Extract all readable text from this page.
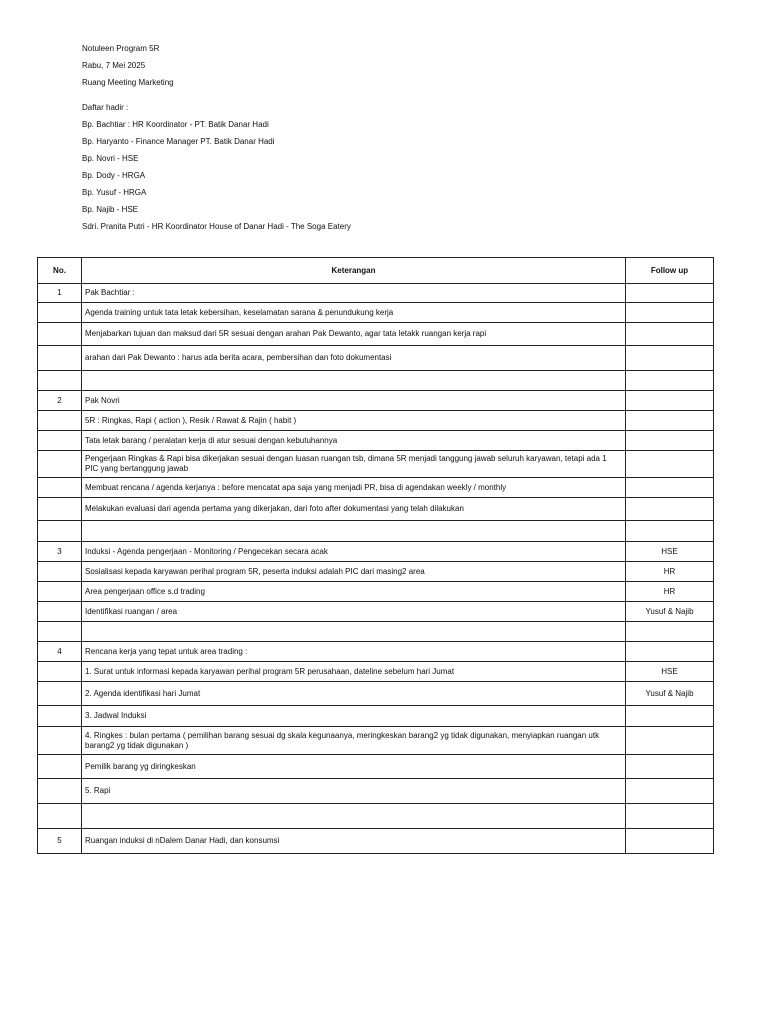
Notuleen Program 5R
Rabu, 7 Mei 2025
Ruang Meeting Marketing
Daftar hadir :
Bp. Bachtiar : HR Koordinator - PT. Batik Danar Hadi
Bp. Haryanto - Finance Manager PT. Batik Danar Hadi
Bp. Novri - HSE
Bp. Dody - HRGA
Bp. Yusuf - HRGA
Bp. Najib - HSE
Sdri. Pranita Putri - HR Koordinator House of Danar Hadi - The Soga Eatery
No.	Keterangan	Follow up
1	Pak Bachtiar :	
	Agenda training untuk tata letak kebersihan, keselamatan sarana & penundukung kerja	
	Menjabarkan tujuan dan maksud dari 5R sesuai dengan arahan Pak Dewanto, agar tata letakk ruangan kerja rapi	
	arahan dari Pak Dewanto : harus ada berita acara, pembersihan dan foto dokumentasi	

2	Pak Novri	
	5R : Ringkas, Rapi ( action ), Resik / Rawat & Rajin ( habit )	
	Tata letak barang / peralatan kerja di atur sesuai dengan kebutuhannya	
	Pengerjaan Ringkas & Rapi bisa dikerjakan sesuai dengan luasan ruangan tsb, dimana 5R menjadi tanggung jawab seluruh karyawan, tetapi ada 1 PIC yang bertanggung jawab	
	Membuat rencana / agenda kerjanya : before mencatat apa saja yang menjadi PR, bisa di agendakan weekly / monthly	
	Melakukan evaluasi dari agenda pertama yang dikerjakan, dari foto after dokumentasi yang telah dilakukan	

3	Induksi - Agenda pengerjaan - Monitoring / Pengecekan secara acak	HSE
	Sosialisasi kepada karyawan perihal program 5R, peserta induksi adalah PIC dari masing2 area	HR
	Area pengerjaan office s.d trading	HR
	Identifikasi ruangan / area	Yusuf & Najib

4	Rencana kerja yang tepat untuk area trading :	
	1. Surat untuk informasi kepada karyawan perihal program 5R perusahaan, dateline sebelum hari Jumat	HSE
	2. Agenda identifikasi hari Jumat	Yusuf & Najib
	3. Jadwal Induksi	
	4. Ringkes : bulan pertama ( pemilihan barang sesuai dg skala kegunaanya, meringkeskan barang2 yg tidak digunakan, menyiapkan ruangan utk barang2 yg tidak digunakan )	
	Pemilik barang yg diringkeskan	
	5. Rapi	

5	Ruangan induksi di nDalem Danar Hadi, dan konsumsi	
